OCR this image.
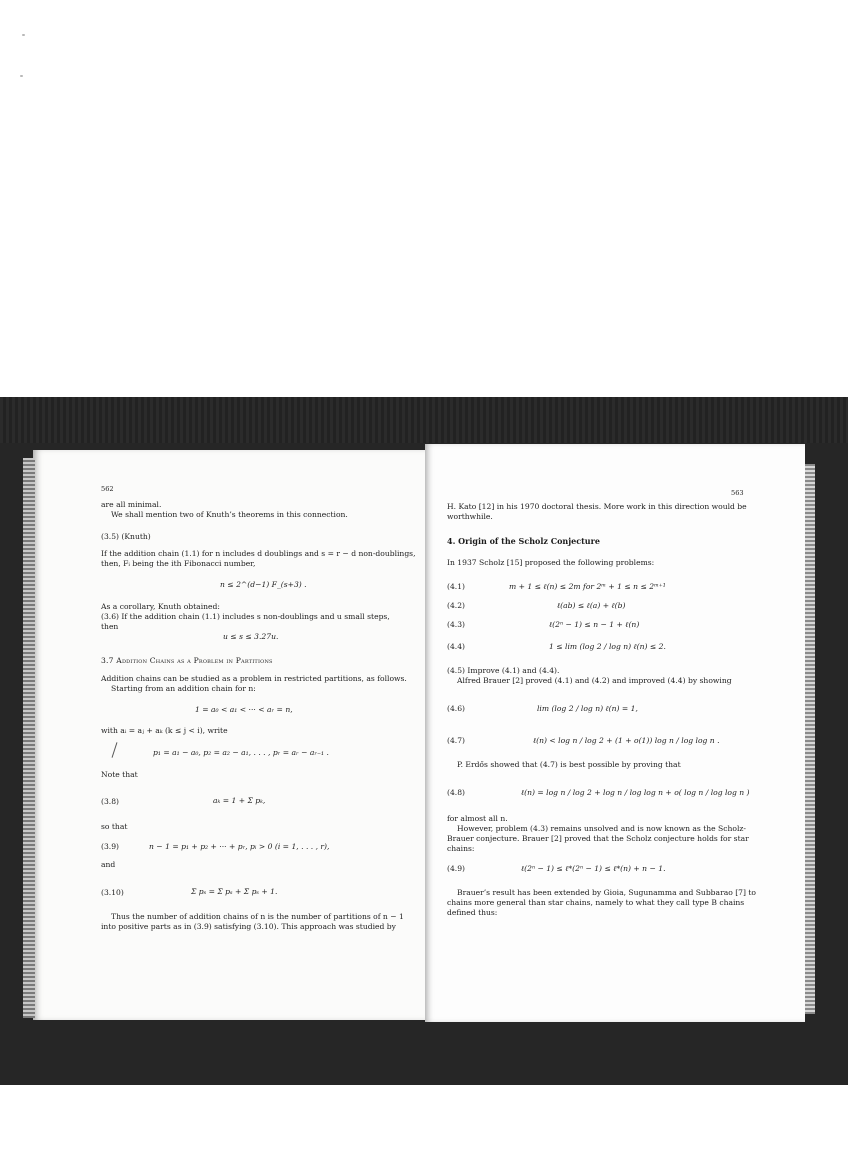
562
are all minimal.
We shall mention two of Knuth’s theorems in this connection.
(3.5) (Knuth)
If the addition chain (1.1) for n includes d doublings and s = r − d non-doublings,
then, Fᵢ being the ith Fibonacci number,
n ≤ 2^(d−1) F_(s+3) .
As a corollary, Knuth obtained:
(3.6) If the addition chain (1.1) includes s non-doublings and u small steps,
then
u ≤ s ≤ 3.27u.
3.7 Addition Chains as a Problem in Partitions
Addition chains can be studied as a problem in restricted partitions, as follows.
Starting from an addition chain for n:
1 = a₀ < a₁ < ··· < aᵣ = n,
with aᵢ = aⱼ + aₖ (k ≤ j < i), write
p₁ = a₁ − a₀, p₂ = a₂ − a₁, . . . , pᵣ = aᵣ − aᵣ₋₁ .
Note that
(3.8)	aₖ = 1 + Σ pₖ,
so that
(3.9)	n − 1 = p₁ + p₂ + ··· + pᵣ, pᵢ > 0 (i = 1, . . . , r),
and
(3.10)	Σ pₛ = Σ pₛ + Σ pₛ + 1.
Thus the number of addition chains of n is the number of partitions of n − 1
into positive parts as in (3.9) satisfying (3.10). This approach was studied by
563
H. Kato [12] in his 1970 doctoral thesis. More work in this direction would be
worthwhile.
4. Origin of the Scholz Conjecture
In 1937 Scholz [15] proposed the following problems:
(4.1)	m + 1 ≤ ℓ(n) ≤ 2m for 2ᵐ + 1 ≤ n ≤ 2ᵐ⁺¹
(4.2)	ℓ(ab) ≤ ℓ(a) + ℓ(b)
(4.3)	ℓ(2ⁿ − 1) ≤ n − 1 + ℓ(n)
(4.4)	1 ≤ lim (log 2 / log n) ℓ(n) ≤ 2.
(4.5) Improve (4.1) and (4.4).
Alfred Brauer [2] proved (4.1) and (4.2) and improved (4.4) by showing
(4.6)	lim (log 2 / log n) ℓ(n) = 1,
(4.7)	ℓ(n) < log n / log 2 + (1 + o(1)) log n / log log n .
P. Erdős showed that (4.7) is best possible by proving that
(4.8)	ℓ(n) = log n / log 2 + log n / log log n + o( log n / log log n )
for almost all n.
However, problem (4.3) remains unsolved and is now known as the Scholz-
Brauer conjecture. Brauer [2] proved that the Scholz conjecture holds for star
chains:
(4.9)	ℓ(2ⁿ − 1) ≤ ℓ*(2ⁿ − 1) ≤ ℓ*(n) + n − 1.
Brauer’s result has been extended by Gioia, Sugunamma and Subbarao [7] to
chains more general than star chains, namely to what they call type B chains
defined thus:
